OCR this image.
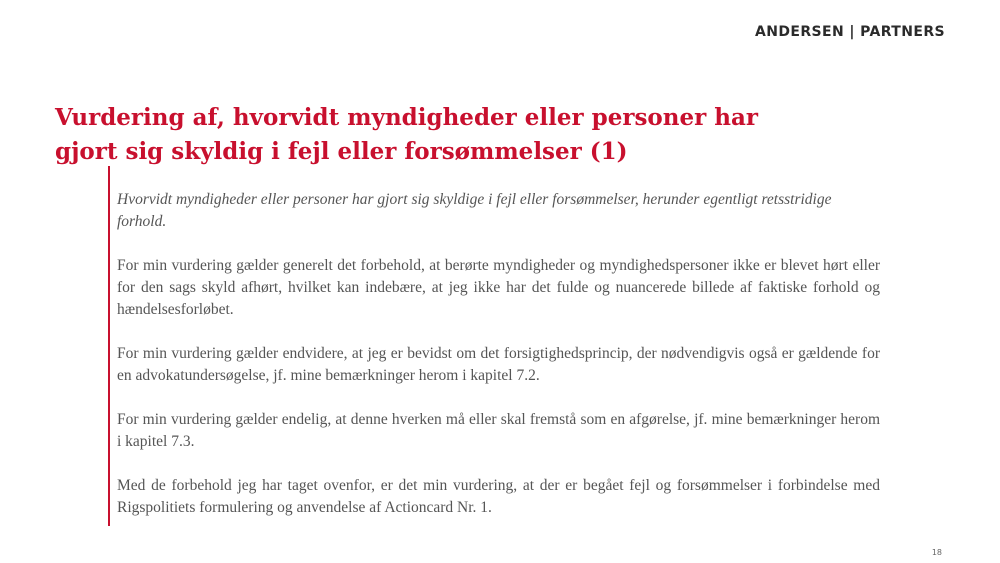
ANDERSEN | PARTNERS
Vurdering af, hvorvidt myndigheder eller personer har gjort sig skyldig i fejl eller forsømmelser (1)

Hvorvidt myndigheder eller personer har gjort sig skyldige i fejl eller forsømmelser, herunder egentligt retsstridige forhold.

For min vurdering gælder generelt det forbehold, at berørte myndigheder og myndighedspersoner ikke er blevet hørt eller for den sags skyld afhørt, hvilket kan indebære, at jeg ikke har det fulde og nuancerede billede af faktiske forhold og hændelsesforløbet.

For min vurdering gælder endvidere, at jeg er bevidst om det forsigtighedsprincip, der nødvendigvis også er gældende for en advokatundersøgelse, jf. mine bemærkninger herom i kapitel 7.2.

For min vurdering gælder endelig, at denne hverken må eller skal fremstå som en afgørelse, jf. mine bemærkninger herom i kapitel 7.3.

Med de forbehold jeg har taget ovenfor, er det min vurdering, at der er begået fejl og forsømmelser i forbindelse med Rigspolitiets formulering og anvendelse af Actioncard Nr. 1.

18
